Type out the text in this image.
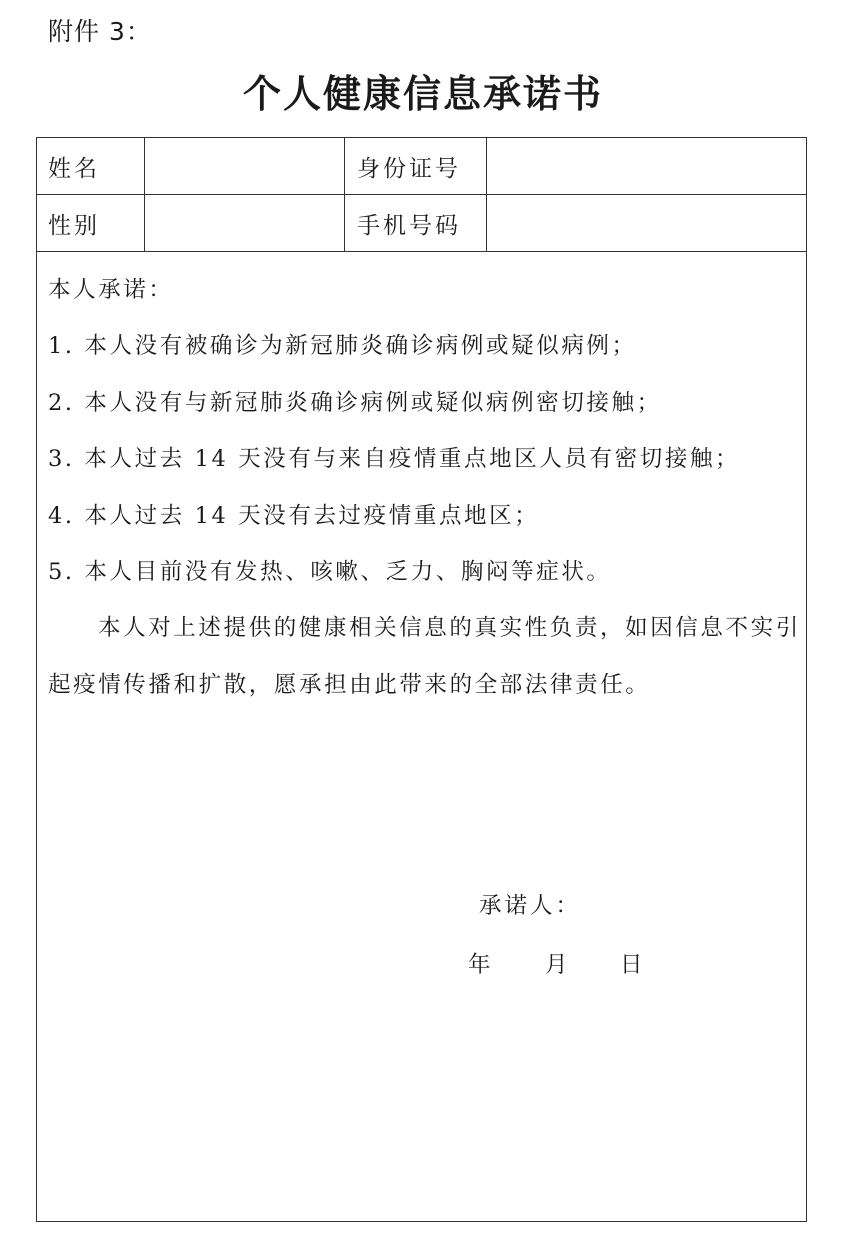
附件 3：
个人健康信息承诺书
姓名	身份证号
性别	手机号码
本人承诺：
1. 本人没有被确诊为新冠肺炎确诊病例或疑似病例；
2. 本人没有与新冠肺炎确诊病例或疑似病例密切接触；
3. 本人过去 14 天没有与来自疫情重点地区人员有密切接触；
4. 本人过去 14 天没有去过疫情重点地区；
5. 本人目前没有发热、咳嗽、乏力、胸闷等症状。
本人对上述提供的健康相关信息的真实性负责，如因信息不实引
起疫情传播和扩散，愿承担由此带来的全部法律责任。
承诺人：
年 月 日
